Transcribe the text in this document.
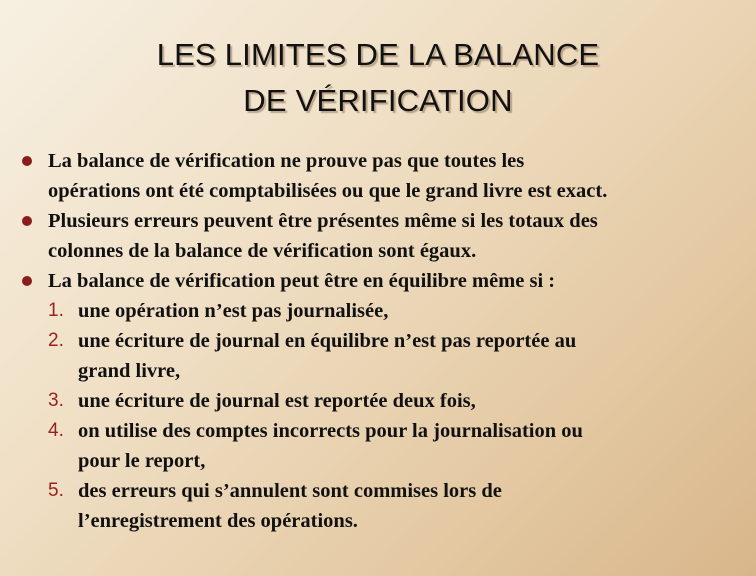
LES LIMITES DE LA BALANCE
DE VÉRIFICATION
La balance de vérification ne prouve pas que toutes les
opérations ont été comptabilisées ou que le grand livre est exact.
Plusieurs erreurs peuvent être présentes même si les totaux des
colonnes de la balance de vérification sont égaux.
La balance de vérification peut être en équilibre même si :
1. une opération n’est pas journalisée,
2. une écriture de journal en équilibre n’est pas reportée au
grand livre,
3. une écriture de journal est reportée deux fois,
4. on utilise des comptes incorrects pour la journalisation ou
pour le report,
5. des erreurs qui s’annulent sont commises lors de
l’enregistrement des opérations.
